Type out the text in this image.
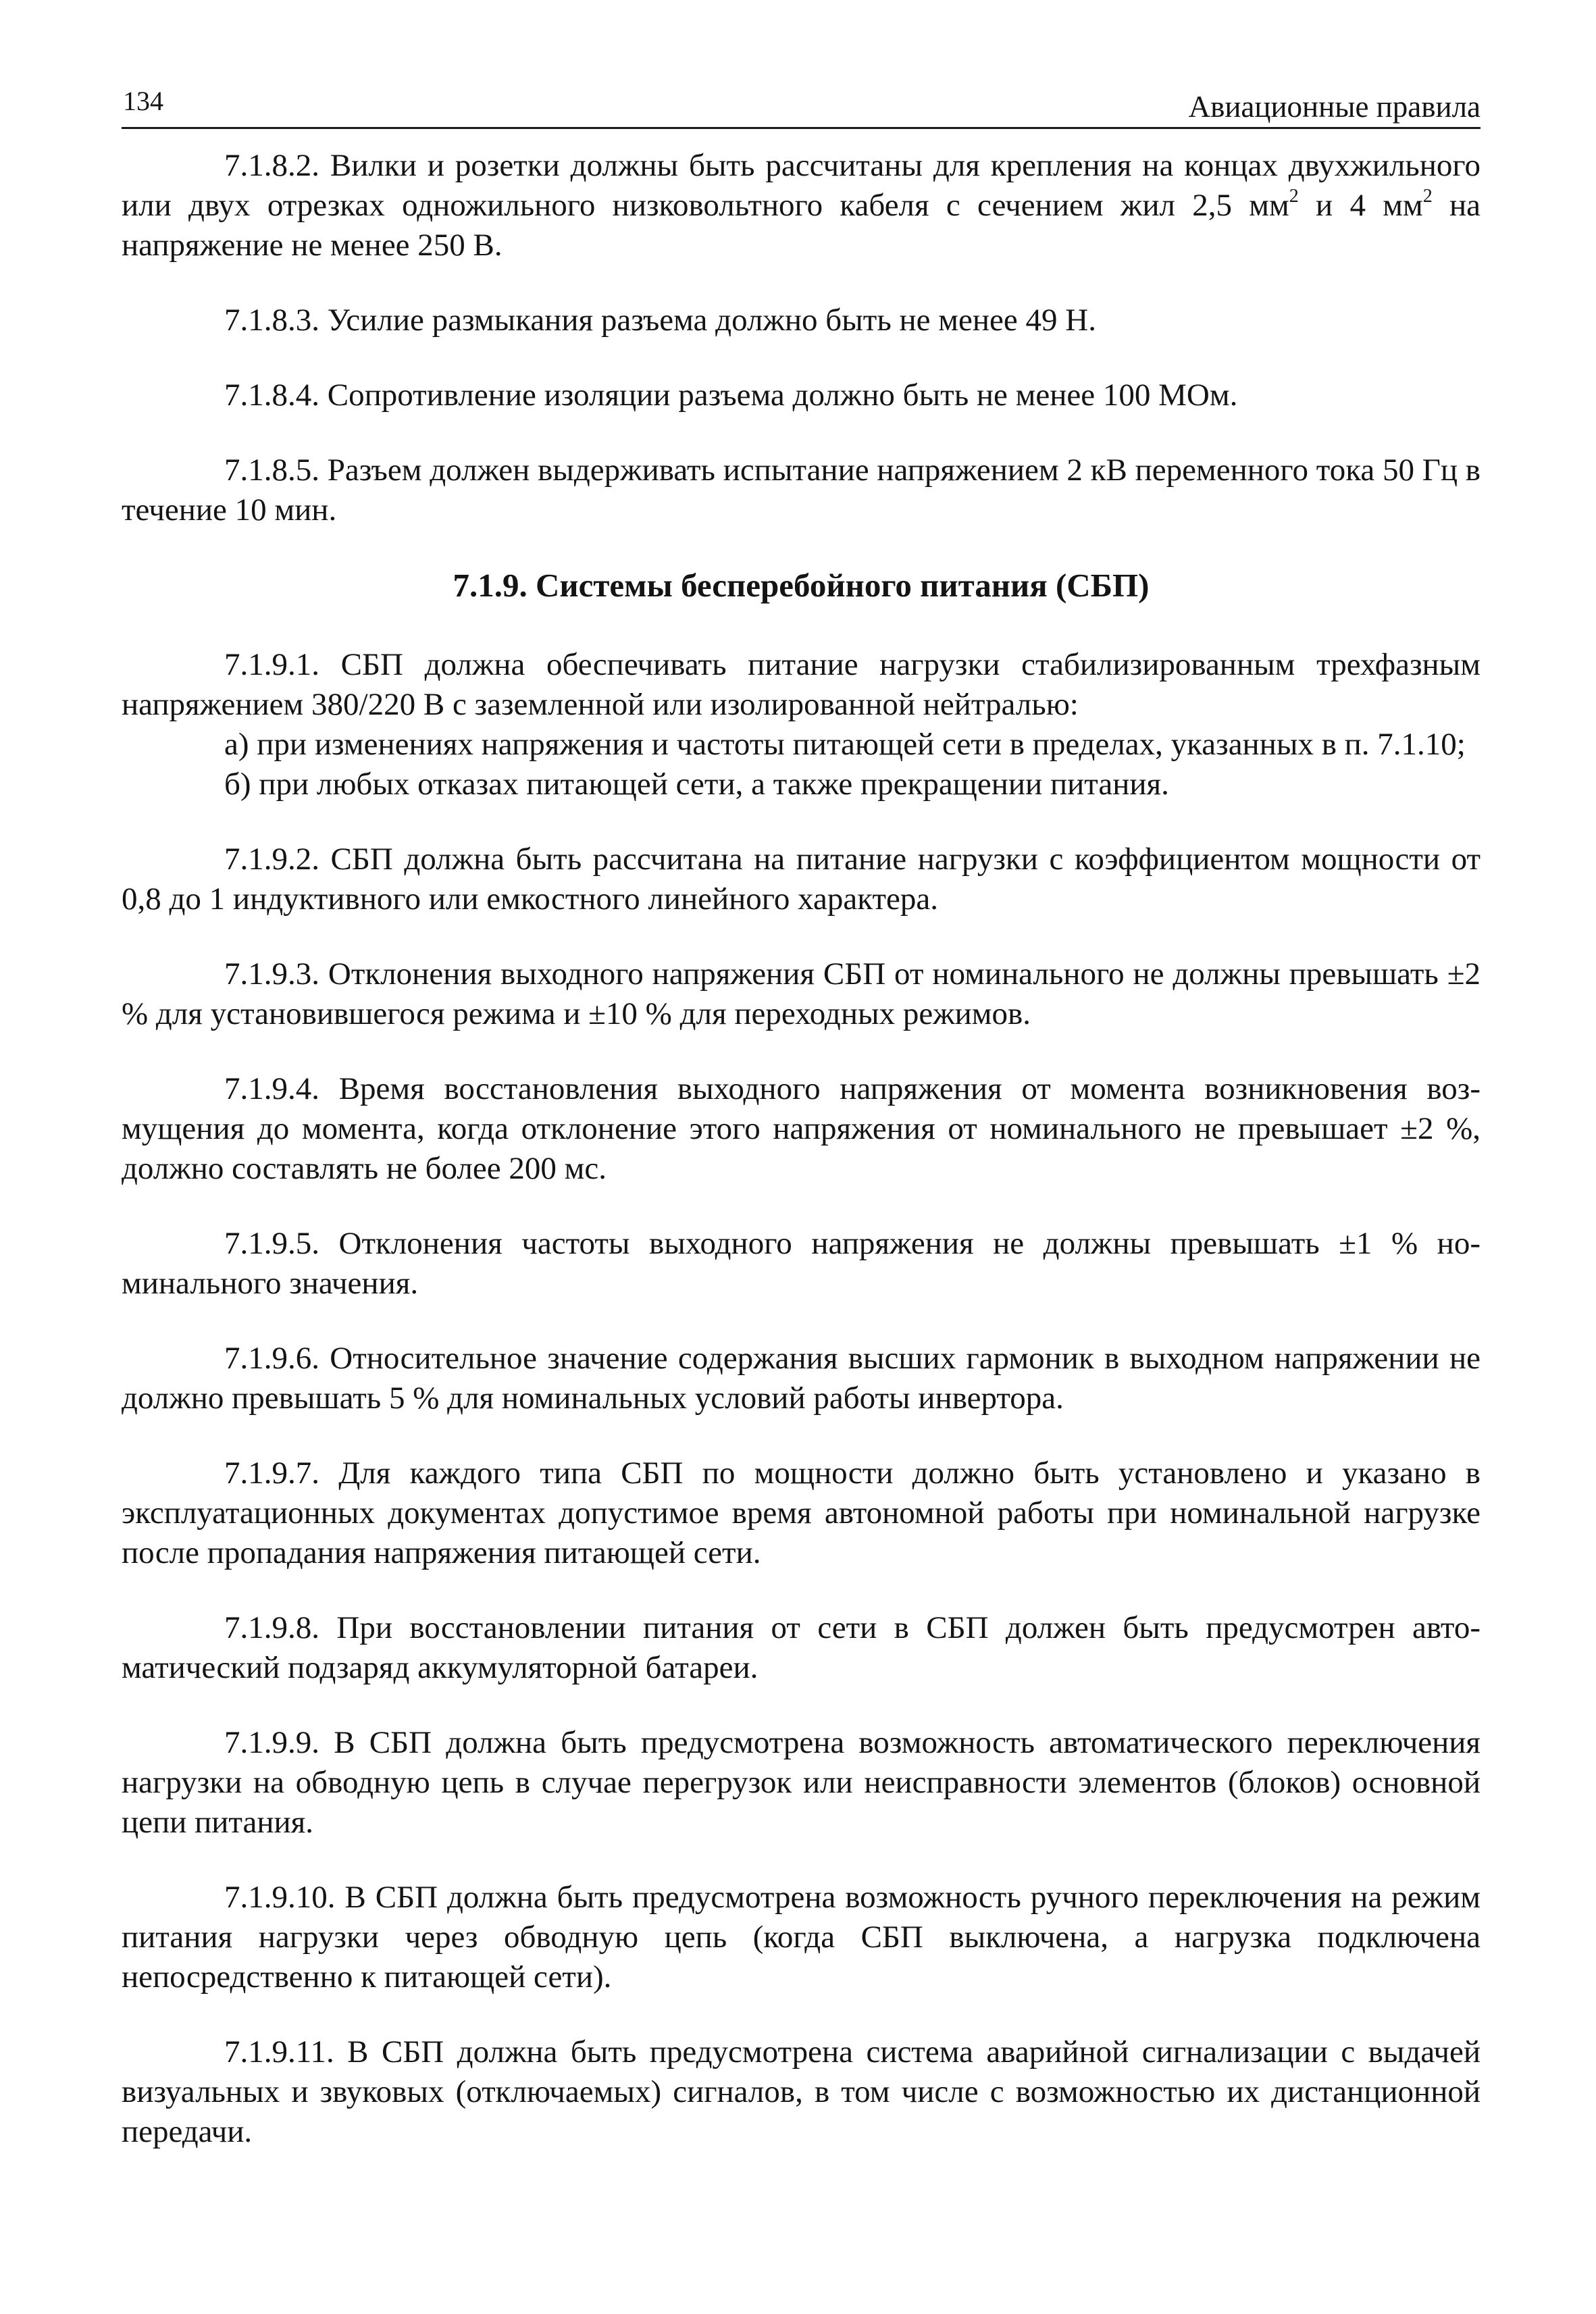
134	Авиационные правила

7.1.8.2. Вилки и розетки должны быть рассчитаны для крепления на концах двухжильного или двух отрезках одножильного низковольтного кабеля с сечением жил 2,5 $мм^2$ и 4 $мм^2$ на напряжение не менее 250 В.

7.1.8.3. Усилие размыкания разъема должно быть не менее 49 Н.

7.1.8.4. Сопротивление изоляции разъема должно быть не менее 100 МОм.

7.1.8.5. Разъем должен выдерживать испытание напряжением 2 кВ переменного тока 50 Гц в течение 10 мин.

7.1.9. Системы бесперебойного питания (СБП)

7.1.9.1. СБП должна обеспечивать питание нагрузки стабилизированным трехфазным напряжением 380/220 В с заземленной или изолированной нейтралью:

а) при изменениях напряжения и частоты питающей сети в пределах, указанных в п. 7.1.10;

б) при любых отказах питающей сети, а также прекращении питания.

7.1.9.2. СБП должна быть рассчитана на питание нагрузки с коэффициентом мощности от 0,8 до 1 индуктивного или емкостного линейного характера.

7.1.9.3. Отклонения выходного напряжения СБП от номинального не должны превышать ±2 % для установившегося режима и ±10 % для переходных режимов.

7.1.9.4. Время восстановления выходного напряжения от момента возникновения возмущения до момента, когда отклонение этого напряжения от номинального не превышает ±2 %, должно составлять не более 200 мс.

7.1.9.5. Отклонения частоты выходного напряжения не должны превышать ±1 % номинального значения.

7.1.9.6. Относительное значение содержания высших гармоник в выходном напряжении не должно превышать 5 % для номинальных условий работы инвертора.

7.1.9.7. Для каждого типа СБП по мощности должно быть установлено и указано в эксплуатационных документах допустимое время автономной работы при номинальной нагрузке после пропадания напряжения питающей сети.

7.1.9.8. При восстановлении питания от сети в СБП должен быть предусмотрен автоматический подзаряд аккумуляторной батареи.

7.1.9.9. В СБП должна быть предусмотрена возможность автоматического переключения нагрузки на обводную цепь в случае перегрузок или неисправности элементов (блоков) основной цепи питания.

7.1.9.10. В СБП должна быть предусмотрена возможность ручного переключения на режим питания нагрузки через обводную цепь (когда СБП выключена, а нагрузка подключена непосредственно к питающей сети).

7.1.9.11. В СБП должна быть предусмотрена система аварийной сигнализации с выдачей визуальных и звуковых (отключаемых) сигналов, в том числе с возможностью их дистанционной передачи.
